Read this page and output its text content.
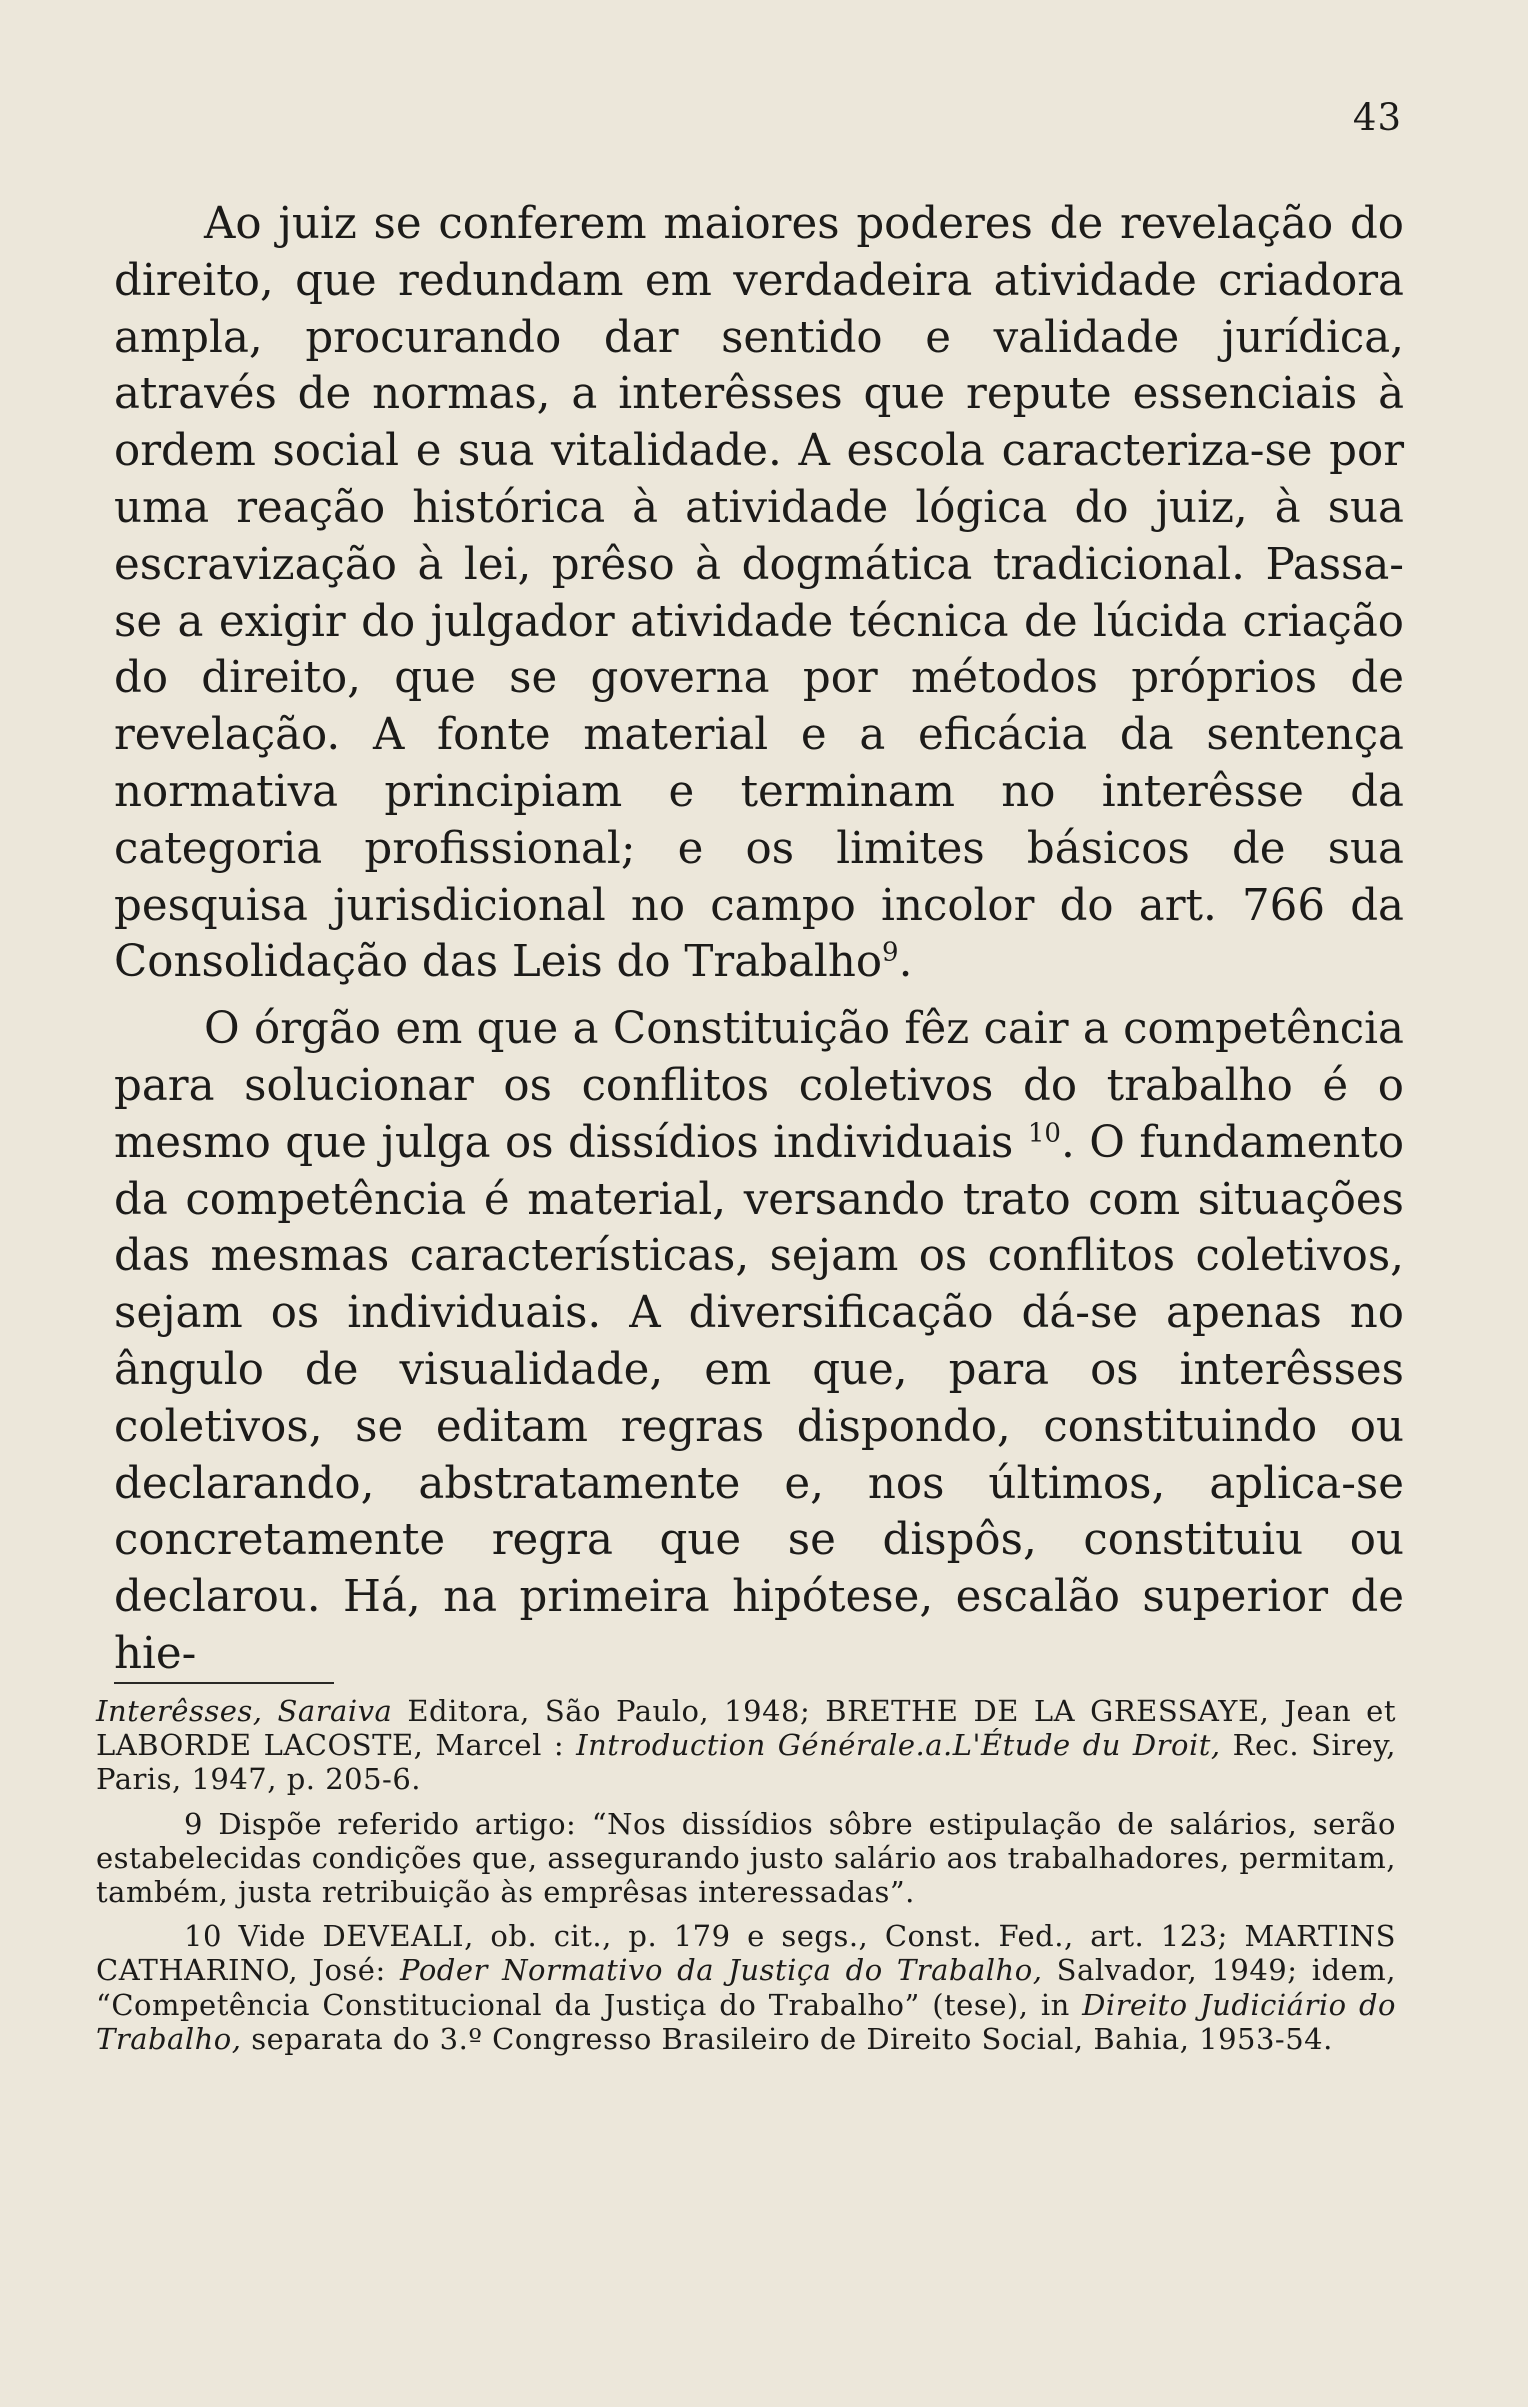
43

Ao juiz se conferem maiores poderes de revelação do direito, que redundam em verdadeira atividade criadora ampla, procurando dar sentido e validade jurídica, através de normas, a interêsses que repute essenciais à ordem social e sua vitalidade. A escola caracteriza-se por uma reação histórica à atividade lógica do juiz, à sua escravização à lei, prêso à dogmática tradicional. Passa-se a exigir do julgador atividade técnica de lúcida criação do direito, que se governa por métodos próprios de revelação. A fonte material e a eficácia da sentença normativa principiam e terminam no interêsse da categoria profissional; e os limites básicos de sua pesquisa jurisdicional no campo incolor do art. 766 da Consolidação das Leis do Trabalho$^9$.

O órgão em que a Constituição fêz cair a competência para solucionar os conflitos coletivos do trabalho é o mesmo que julga os dissídios individuais $^{10}$. O fundamento da competência é material, versando trato com situações das mesmas características, sejam os conflitos coletivos, sejam os individuais. A diversificação dá-se apenas no ângulo de visualidade, em que, para os interêsses coletivos, se editam regras dispondo, constituindo ou declarando, abstratamente e, nos últimos, aplica-se concretamente regra que se dispôs, constituiu ou declarou. Há, na primeira hipótese, escalão superior de hie-

Interêsses, Saraiva Editora, São Paulo, 1948; BRETHE DE LA GRESSAYE, Jean et LABORDE LACOSTE, Marcel : Introduction Générale.a.L'Étude du Droit, Rec. Sirey, Paris, 1947, p. 205-6.

9 Dispõe referido artigo: “Nos dissídios sôbre estipulação de salários, serão estabelecidas condições que, assegurando justo salário aos trabalhadores, permitam, também, justa retribuição às emprêsas interessadas”.

10 Vide DEVEALI, ob. cit., p. 179 e segs., Const. Fed., art. 123; MARTINS CATHARINO, José: Poder Normativo da Justiça do Trabalho, Salvador, 1949; idem, “Competência Constitucional da Justiça do Trabalho” (tese), in Direito Judiciário do Trabalho, separata do 3.º Congresso Brasileiro de Direito Social, Bahia, 1953-54.
